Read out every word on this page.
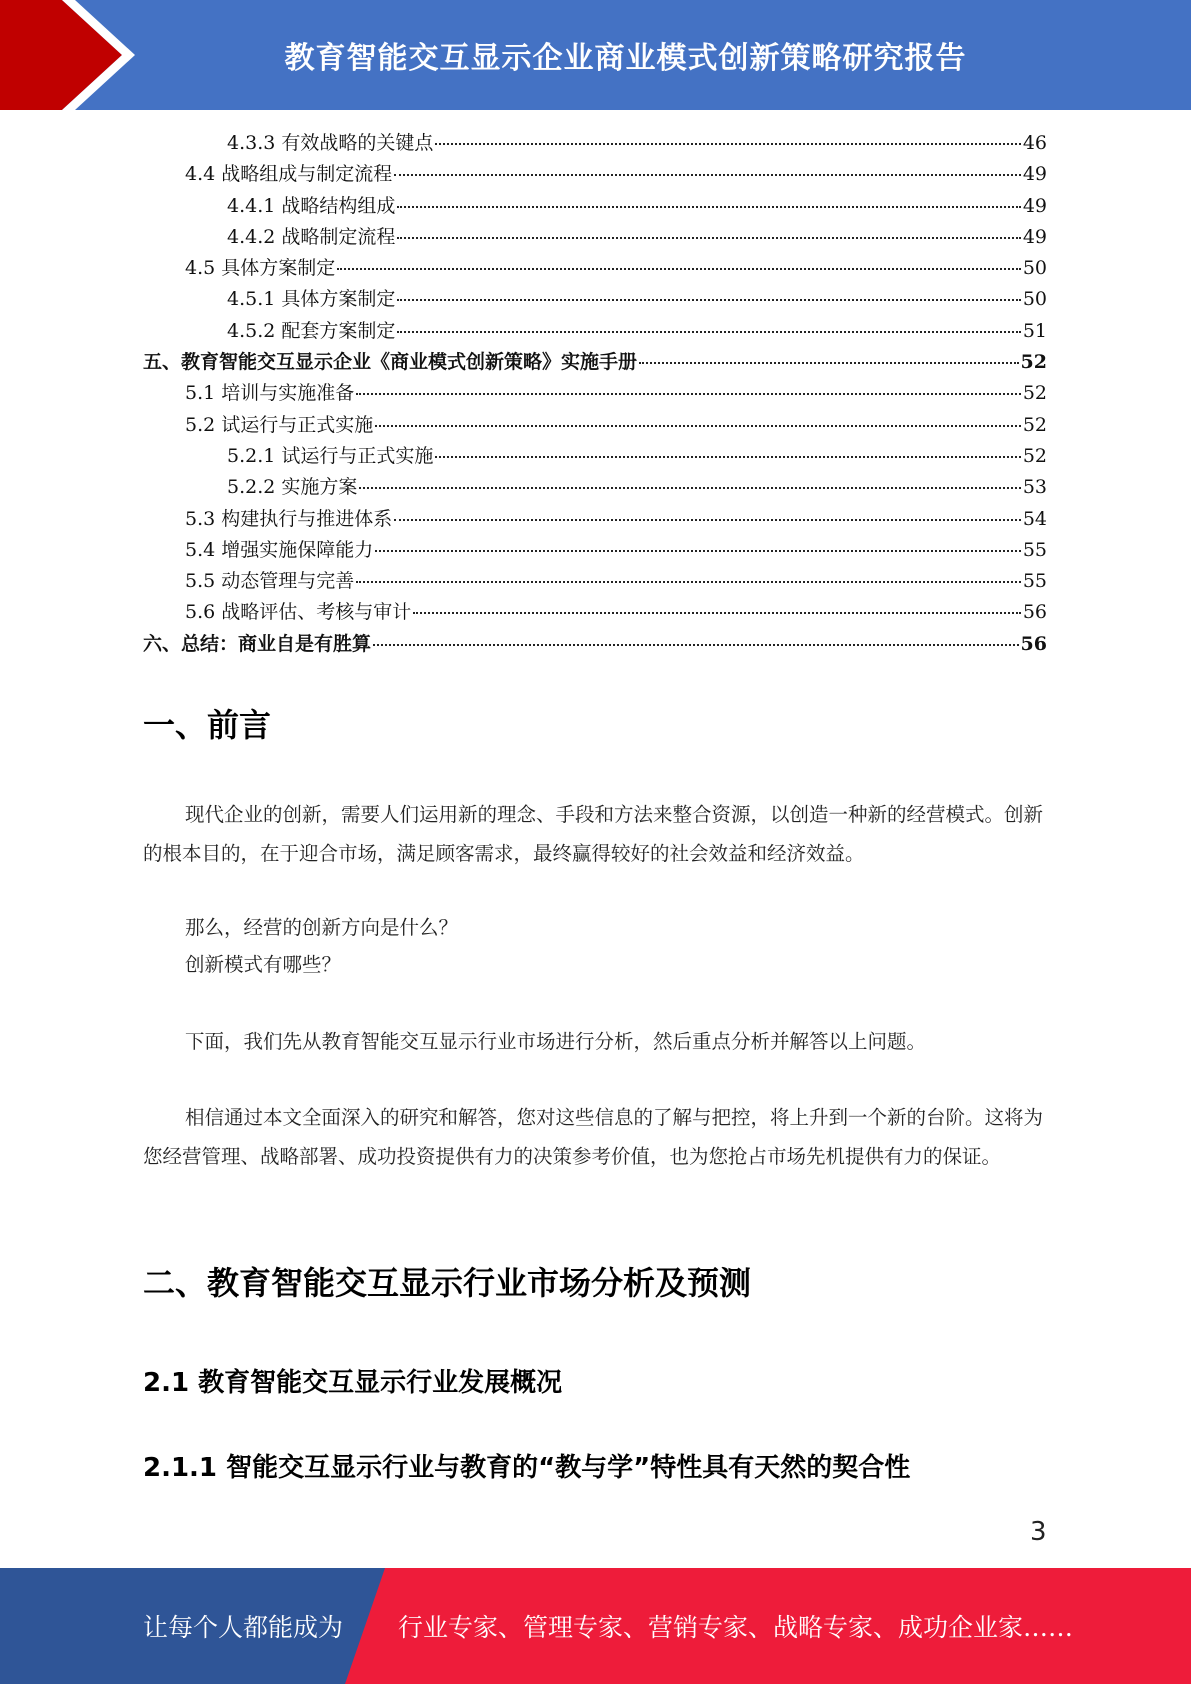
教育智能交互显示企业商业模式创新策略研究报告
4.3.3 有效战略的关键点	46
4.4 战略组成与制定流程	49
4.4.1 战略结构组成	49
4.4.2 战略制定流程	49
4.5 具体方案制定	50
4.5.1 具体方案制定	50
4.5.2 配套方案制定	51
五、教育智能交互显示企业《商业模式创新策略》实施手册	52
5.1 培训与实施准备	52
5.2 试运行与正式实施	52
5.2.1 试运行与正式实施	52
5.2.2 实施方案	53
5.3 构建执行与推进体系	54
5.4 增强实施保障能力	55
5.5 动态管理与完善	55
5.6 战略评估、考核与审计	56
六、总结：商业自是有胜算	56
一、前言

现代企业的创新，需要人们运用新的理念、手段和方法来整合资源，以创造一种新的经营模式。创新的根本目的，在于迎合市场，满足顾客需求，最终赢得较好的社会效益和经济效益。

那么，经营的创新方向是什么？

创新模式有哪些？

下面，我们先从教育智能交互显示行业市场进行分析，然后重点分析并解答以上问题。

相信通过本文全面深入的研究和解答，您对这些信息的了解与把控，将上升到一个新的台阶。这将为您经营管理、战略部署、成功投资提供有力的决策参考价值，也为您抢占市场先机提供有力的保证。

二、教育智能交互显示行业市场分析及预测
2.1 教育智能交互显示行业发展概况
2.1.1 智能交互显示行业与教育的“教与学”特性具有天然的契合性
3
让每个人都能成为 行业专家、管理专家、营销专家、战略专家、成功企业家……
